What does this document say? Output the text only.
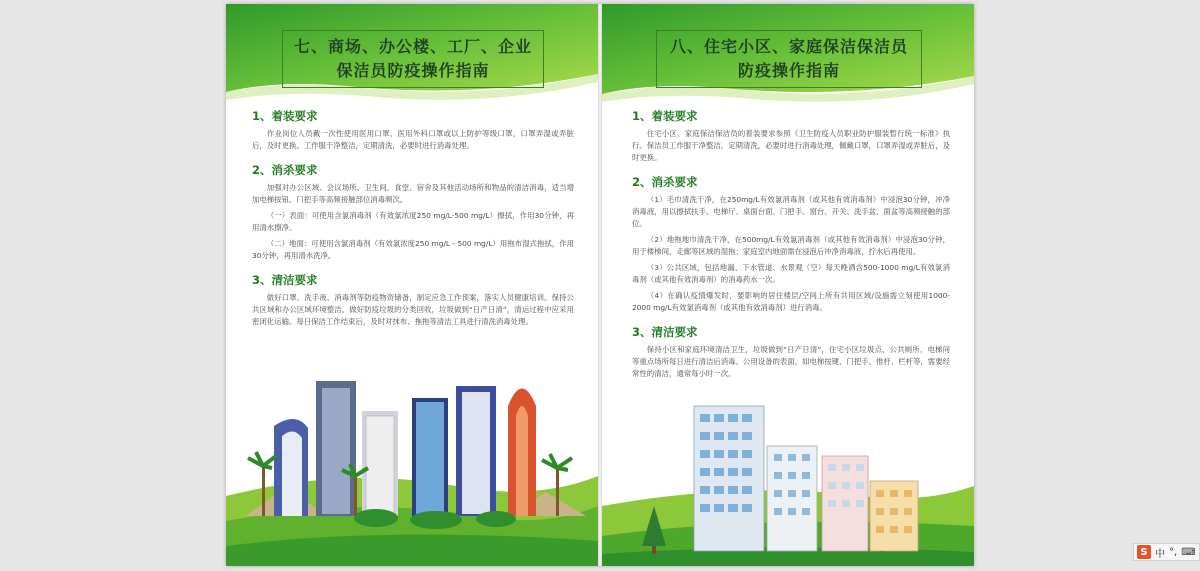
七、商场、办公楼、工厂、企业
保洁员防疫操作指南
1、着装要求

作业岗位人员戴一次性使用医用口罩、医用外科口罩或以上防护等级口罩，口罩弄湿或弄脏后，及时更换。工作服干净整洁，定期清洗，必要时进行消毒处理。

2、消杀要求

加强对办公区域、会议场所、卫生间、食堂、宿舍及其他活动场所和物品的清洁消毒，适当增加电梯按钮、门把手等高频接触部位消毒频次。

（一）表面：可使用含氯消毒剂（有效氯浓度250 mg/L-500 mg/L）擦拭，作用30分钟，再用清水擦净。

（二）地面：可使用含氯消毒剂（有效氯浓度250 mg/L - 500 mg/L）用拖布湿式拖拭，作用30分钟，再用清水洗净。

3、清洁要求

做好口罩、洗手液、消毒剂等防疫物资储备，制定应急工作预案，落实人员健康培训。保持公共区域和办公区域环境整洁，做好防疫垃圾的分类回收，垃圾做到“日产日清”，清运过程中应采用密闭化运输。每日保洁工作结束后，及时对抹布、拖拖等清洁工具进行清洗消毒处理。

八、住宅小区、家庭保洁保洁员
防疫操作指南
1、着装要求

住宅小区、家庭保洁保洁员的着装要求参照《卫生防疫人员职业防护服装暂行统一标准》执行。保洁员工作服干净整洁，定期清洗，必要时进行消毒处理，佩戴口罩，口罩弄湿或弄脏后，及时更换。

2、消杀要求

（1）毛巾清洗干净，在250mg/L有效氯消毒剂（或其他有效消毒剂）中浸泡30分钟，冲净消毒液，用以擦拭扶手、电梯厅、桌面台面、门把手、窗台、开关、洗手盆、面盆等高频接触的部位。

（2）地拖地巾清洗干净，在500mg/L有效氯消毒剂（或其他有效消毒剂）中浸泡30分钟，用于楼梯间、走廊等区域的湿拖；家庭室内地面需在浸泡后冲净消毒液，拧水后再使用。

（3）公共区域，包括地漏、下水管道、水景观（空）每天晚洒含500-1000 mg/L有效氯消毒剂（或其他有效消毒剂）的消毒药水一次。

（4）在确认疫情爆发时，要影响的居住楼层/空间上所有共用区域/设施需立刻使用1000-2000 mg/L有效氯消毒剂（或其他有效消毒剂）进行消毒。

3、清洁要求

保持小区和家庭环境清洁卫生，垃圾做到“日产日清”，住宅小区垃圾点、公共厕所、电梯间等重点场所每日进行清洁后消毒。公用设备的表面，如电梯按键、门把手、推杆、栏杆等，需要经常性的清洁，通常每小时一次。

S 中 °, ⌨
